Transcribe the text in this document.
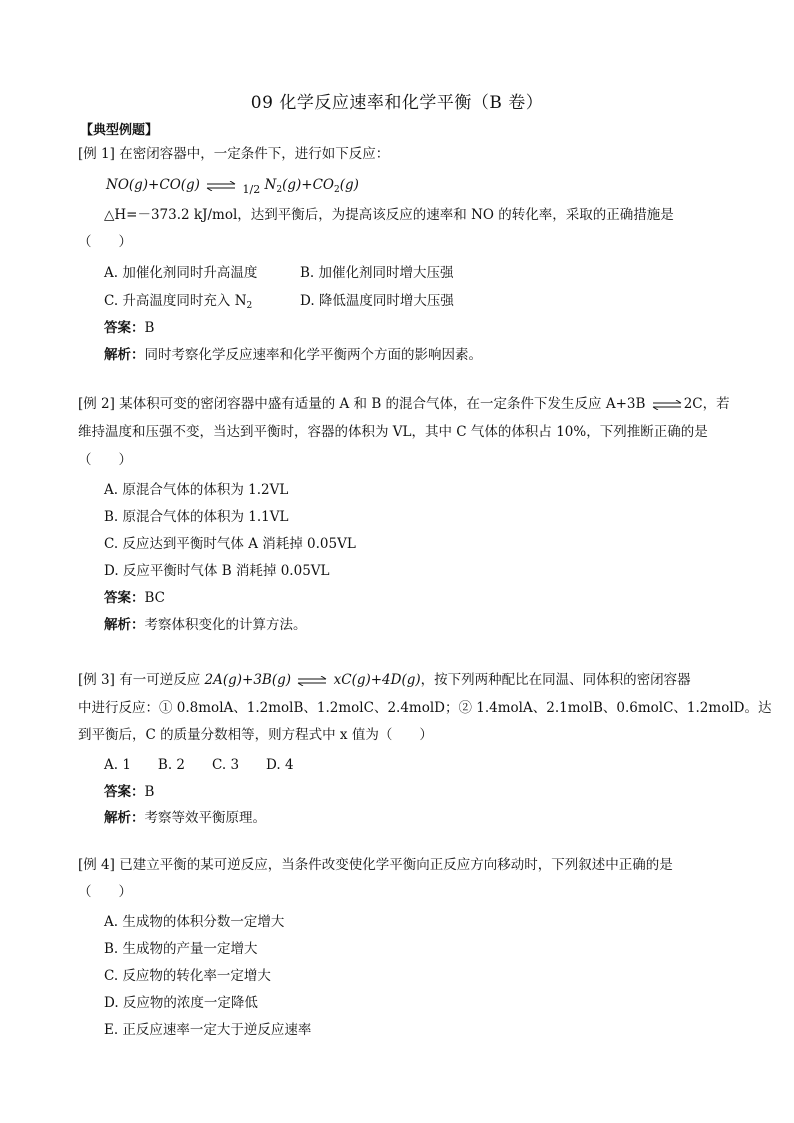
09 化学反应速率和化学平衡（B 卷）
【典型例题】
[例 1] 在密闭容器中，一定条件下，进行如下反应：
NO(g)+CO(g) ⇌ $_{1/2}$ $N_2(g)+CO_2(g)$
△H=－373.2 kJ/mol，达到平衡后，为提高该反应的速率和 NO 的转化率，采取的正确措施是
（　　）
A. 加催化剂同时升高温度	B. 加催化剂同时增大压强
C. 升高温度同时充入 $N_2$	D. 降低温度同时增大压强
答案：B
解析：同时考察化学反应速率和化学平衡两个方面的影响因素。
[例 2] 某体积可变的密闭容器中盛有适量的 A 和 B 的混合气体，在一定条件下发生反应 A+3B ⇌ 2C，若
维持温度和压强不变，当达到平衡时，容器的体积为 VL，其中 C 气体的体积占 10%，下列推断正确的是
（　　）
A. 原混合气体的体积为 1.2VL
B. 原混合气体的体积为 1.1VL
C. 反应达到平衡时气体 A 消耗掉 0.05VL
D. 反应平衡时气体 B 消耗掉 0.05VL
答案：BC
解析：考察体积变化的计算方法。
[例 3] 有一可逆反应 2A(g)+3B(g) ⇌ xC(g)+4D(g)，按下列两种配比在同温、同体积的密闭容器
中进行反应：① 0.8molA、1.2molB、1.2molC、2.4molD；② 1.4molA、2.1molB、0.6molC、1.2molD。达
到平衡后，C 的质量分数相等，则方程式中 x 值为（　　）
A. 1　　B. 2　　C. 3　　D. 4
答案：B
解析：考察等效平衡原理。
[例 4] 已建立平衡的某可逆反应，当条件改变使化学平衡向正反应方向移动时，下列叙述中正确的是
（　　）
A. 生成物的体积分数一定增大
B. 生成物的产量一定增大
C. 反应物的转化率一定增大
D. 反应物的浓度一定降低
E. 正反应速率一定大于逆反应速率
